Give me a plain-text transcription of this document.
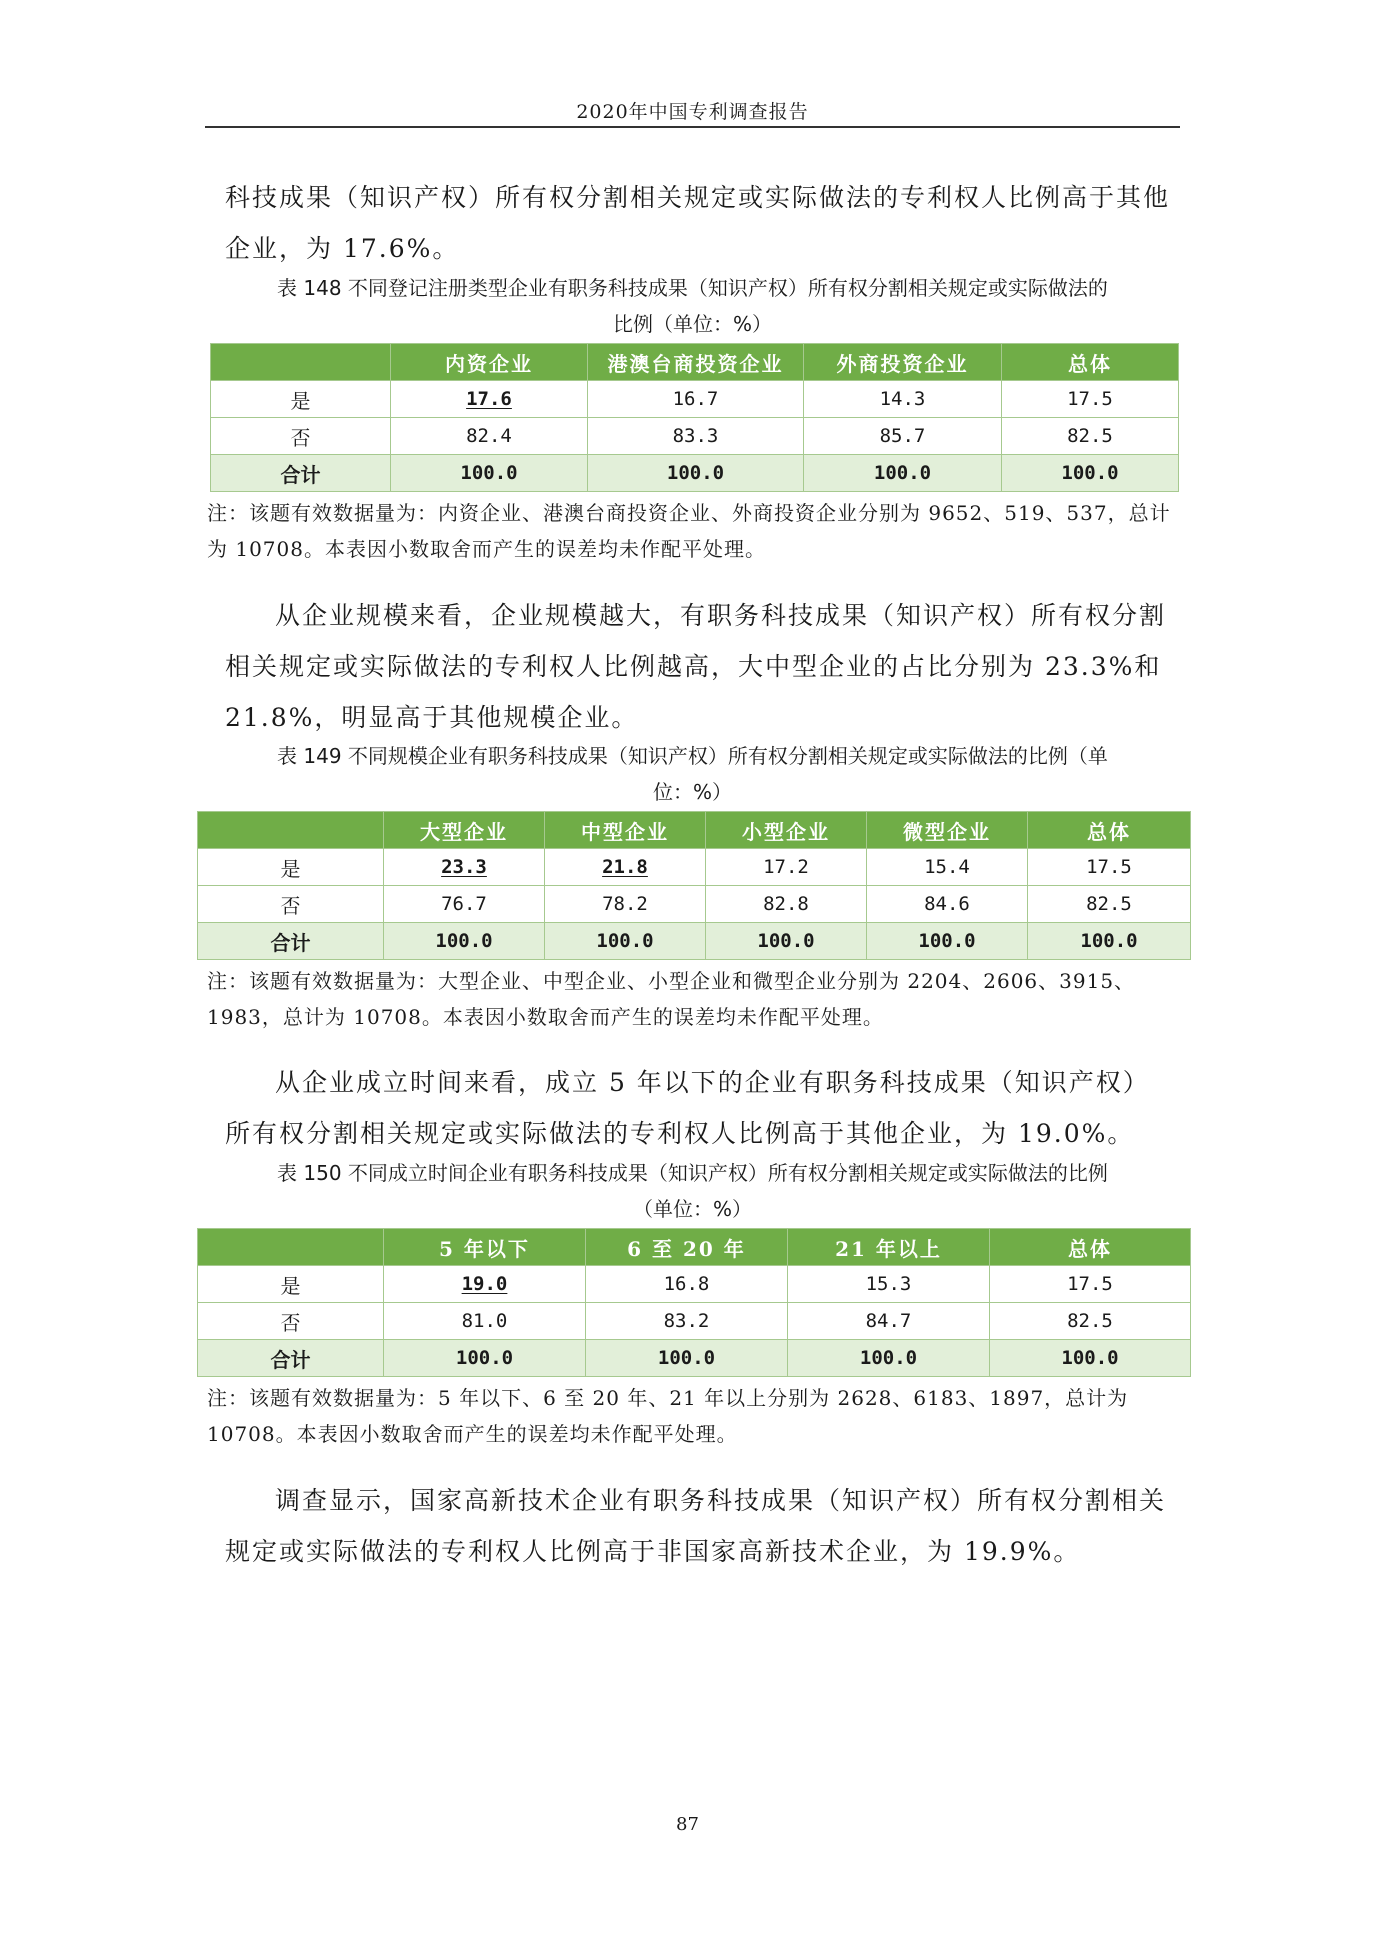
2020年中国专利调查报告

科技成果（知识产权）所有权分割相关规定或实际做法的专利权人比例高于其他企业，为 17.6%。

表 148 不同登记注册类型企业有职务科技成果（知识产权）所有权分割相关规定或实际做法的

比例（单位：%）

	内资企业	港澳台商投资企业	外商投资企业	总体
是	17.6	16.7	14.3	17.5
否	82.4	83.3	85.7	82.5
合计	100.0	100.0	100.0	100.0

注：该题有效数据量为：内资企业、港澳台商投资企业、外商投资企业分别为 9652、519、537，总计为 10708。本表因小数取舍而产生的误差均未作配平处理。

从企业规模来看，企业规模越大，有职务科技成果（知识产权）所有权分割相关规定或实际做法的专利权人比例越高，大中型企业的占比分别为 23.3%和 21.8%，明显高于其他规模企业。

表 149 不同规模企业有职务科技成果（知识产权）所有权分割相关规定或实际做法的比例（单

位：%）

	大型企业	中型企业	小型企业	微型企业	总体
是	23.3	21.8	17.2	15.4	17.5
否	76.7	78.2	82.8	84.6	82.5
合计	100.0	100.0	100.0	100.0	100.0

注：该题有效数据量为：大型企业、中型企业、小型企业和微型企业分别为 2204、2606、3915、1983，总计为 10708。本表因小数取舍而产生的误差均未作配平处理。

从企业成立时间来看，成立 5 年以下的企业有职务科技成果（知识产权）所有权分割相关规定或实际做法的专利权人比例高于其他企业，为 19.0%。

表 150 不同成立时间企业有职务科技成果（知识产权）所有权分割相关规定或实际做法的比例

（单位：%）

	5 年以下	6 至 20 年	21 年以上	总体
是	19.0	16.8	15.3	17.5
否	81.0	83.2	84.7	82.5
合计	100.0	100.0	100.0	100.0

注：该题有效数据量为：5 年以下、6 至 20 年、21 年以上分别为 2628、6183、1897，总计为 10708。本表因小数取舍而产生的误差均未作配平处理。

调查显示，国家高新技术企业有职务科技成果（知识产权）所有权分割相关规定或实际做法的专利权人比例高于非国家高新技术企业，为 19.9%。

87
